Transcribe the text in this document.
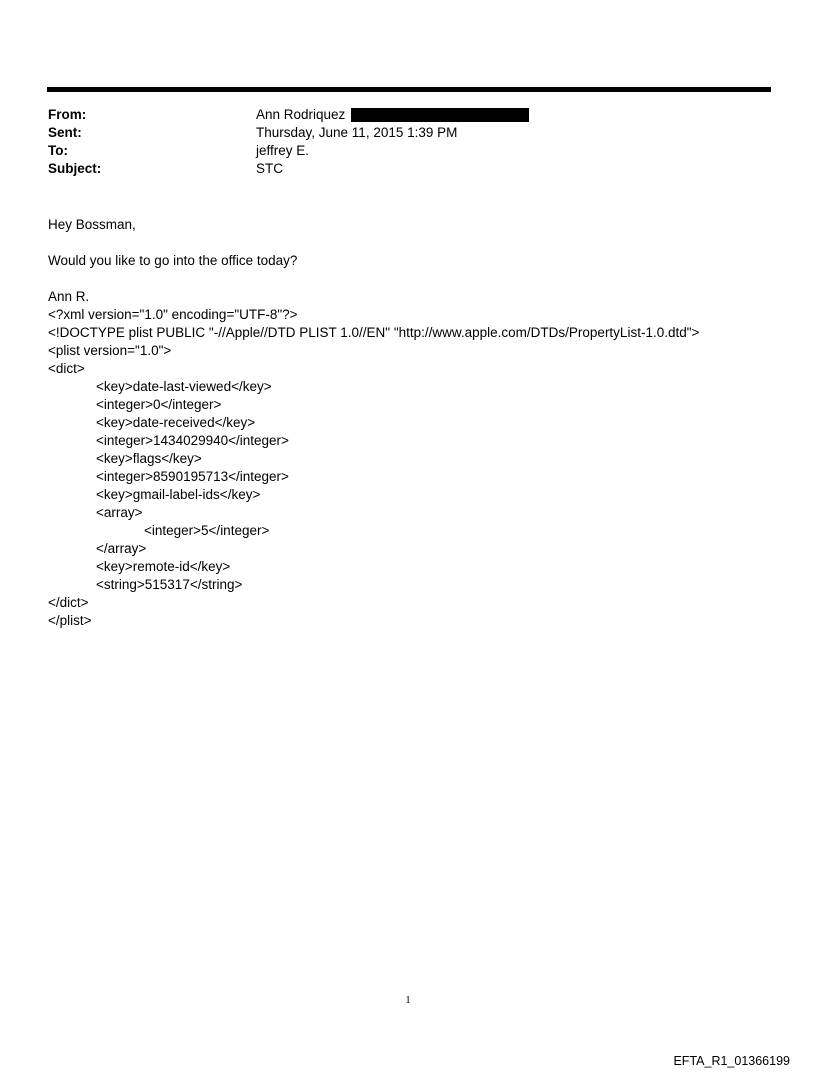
From:	Ann Rodriquez
Sent:	Thursday, June 11, 2015 1:39 PM
To:	jeffrey E.
Subject:	STC

Hey Bossman,

Would you like to go into the office today?

Ann R.
<?xml version="1.0" encoding="UTF-8"?>
<!DOCTYPE plist PUBLIC "-//Apple//DTD PLIST 1.0//EN" "http://www.apple.com/DTDs/PropertyList-1.0.dtd">
<plist version="1.0">
<dict>
<key>date-last-viewed</key>
<integer>0</integer>
<key>date-received</key>
<integer>1434029940</integer>
<key>flags</key>
<integer>8590195713</integer>
<key>gmail-label-ids</key>
<array>
<integer>5</integer>
</array>
<key>remote-id</key>
<string>515317</string>
</dict>
</plist>
1
EFTA_R1_01366199
